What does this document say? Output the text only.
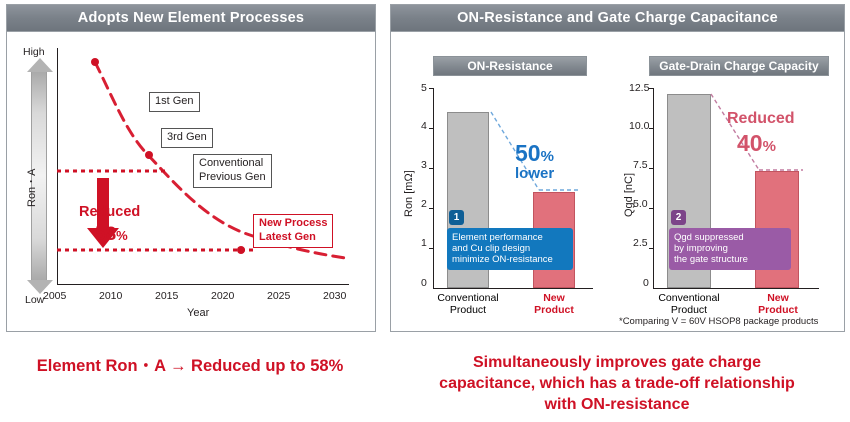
Adopts New Element Processes
High
Low
Ron・A
2005	2010	2015	2020	2025	2030
Year
1st Gen
3rd Gen
Conventional
Previous Gen
New Process
Latest Gen
Reduced
58%
Element Ron・A → Reduced up to 58%
ON-Resistance and Gate Charge Capacitance
ON-Resistance
Ron [mΩ]
5
4
3
2
1
0
50%
lower
Element performance
and Cu clip design
minimize ON-resistance
1
Conventional
Product
New
Product
Gate-Drain Charge Capacity
Qgd [nC]
12.5
10.0
7.5
5.0
2.5
0
Reduced
40%
Qgd suppressed
by improving
the gate structure
2
Conventional
Product
New
Product
*Comparing V = 60V HSOP8 package products
Simultaneously improves gate charge
capacitance, which has a trade-off relationship
with ON-resistance
